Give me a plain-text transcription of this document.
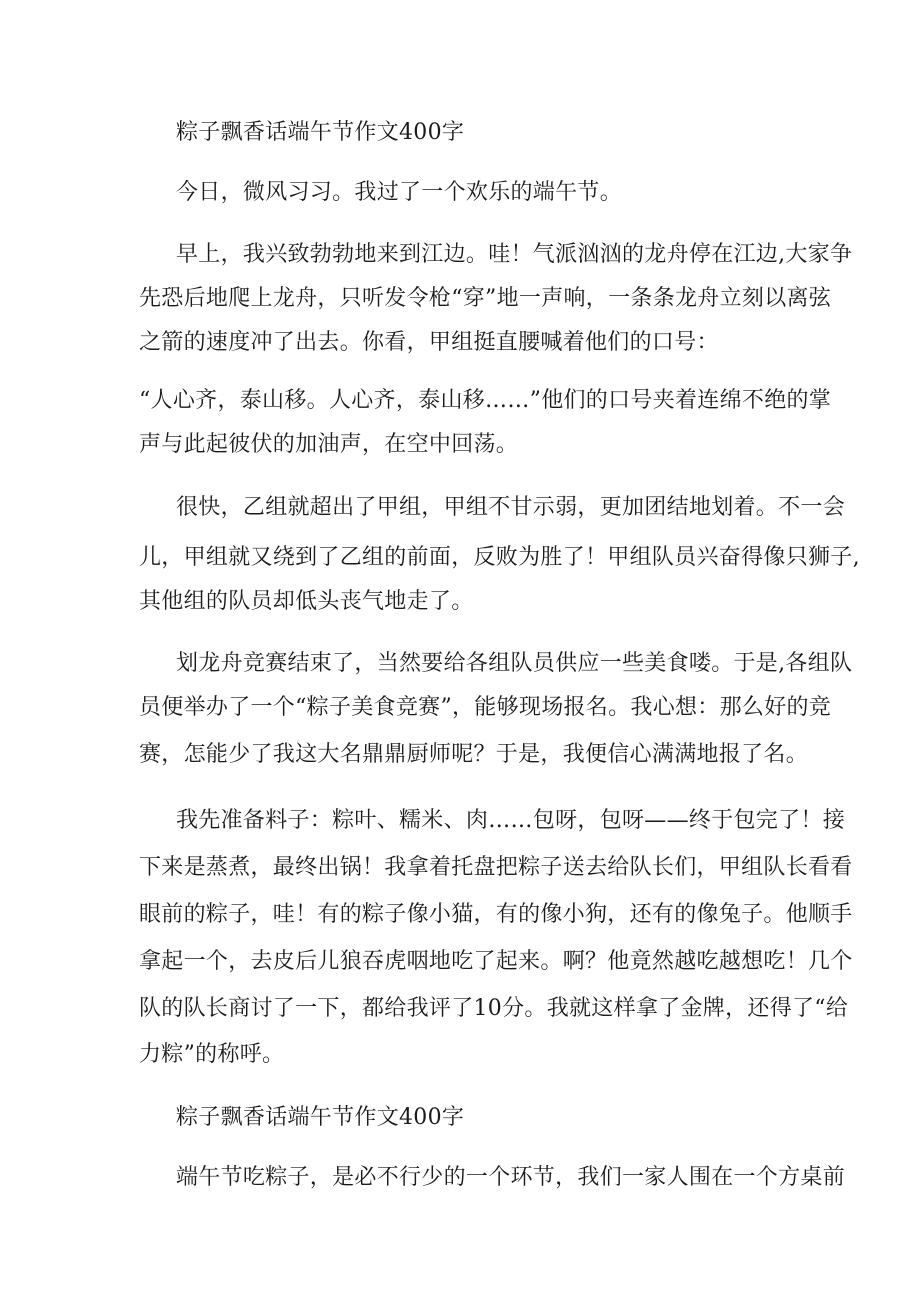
粽子飘香话端午节作文400字
今日，微风习习。我过了一个欢乐的端午节。
早上，我兴致勃勃地来到江边。哇！气派汹汹的龙舟停在江边,大家争
先恐后地爬上龙舟，只听发令枪“穿”地一声响，一条条龙舟立刻以离弦
之箭的速度冲了出去。你看，甲组挺直腰喊着他们的口号：
“人心齐，泰山移。人心齐，泰山移……”他们的口号夹着连绵不绝的掌
声与此起彼伏的加油声，在空中回荡。
很快，乙组就超出了甲组，甲组不甘示弱，更加团结地划着。不一会
儿，甲组就又绕到了乙组的前面，反败为胜了！甲组队员兴奋得像只狮子,
其他组的队员却低头丧气地走了。
划龙舟竞赛结束了，当然要给各组队员供应一些美食喽。于是,各组队
员便举办了一个“粽子美食竞赛”，能够现场报名。我心想：那么好的竞
赛，怎能少了我这大名鼎鼎厨师呢？于是，我便信心满满地报了名。
我先准备料子：粽叶、糯米、肉……包呀，包呀——终于包完了！接
下来是蒸煮，最终出锅！我拿着托盘把粽子送去给队长们，甲组队长看看
眼前的粽子，哇！有的粽子像小猫，有的像小狗，还有的像兔子。他顺手
拿起一个，去皮后儿狼吞虎咽地吃了起来。啊？他竟然越吃越想吃！几个
队的队长商讨了一下，都给我评了10分。我就这样拿了金牌，还得了“给
力粽”的称呼。
粽子飘香话端午节作文400字
端午节吃粽子，是必不行少的一个环节，我们一家人围在一个方桌前
